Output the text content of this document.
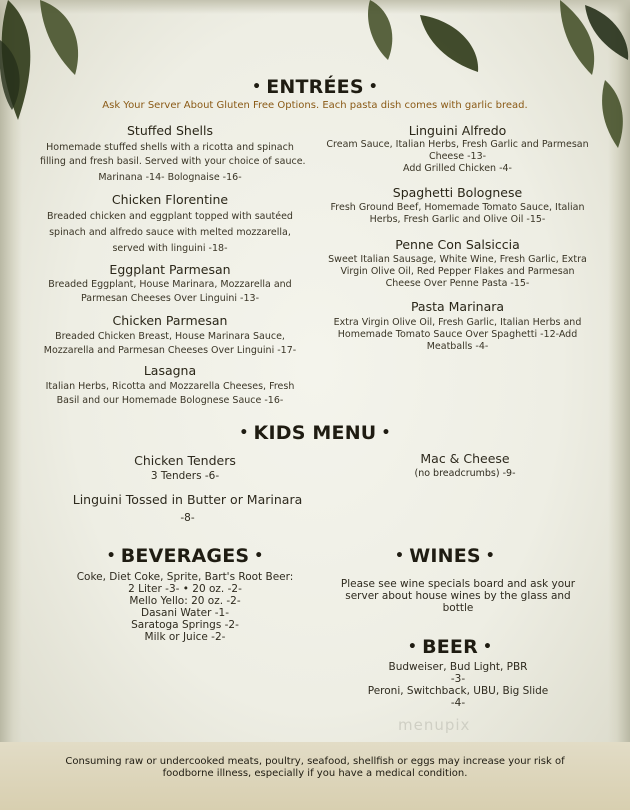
• ENTRÉES •
Ask Your Server About Gluten Free Options. Each pasta dish comes with garlic bread.
Stuffed Shells
Homemade stuffed shells with a ricotta and spinach
filling and fresh basil. Served with your choice of sauce.
Marinana -14- Bolognaise -16-
Chicken Florentine
Breaded chicken and eggplant topped with sautéed
spinach and alfredo sauce with melted mozzarella,
served with linguini -18-
Eggplant Parmesan
Breaded Eggplant, House Marinara, Mozzarella and
Parmesan Cheeses Over Linguini -13-
Chicken Parmesan
Breaded Chicken Breast, House Marinara Sauce,
Mozzarella and Parmesan Cheeses Over Linguini -17-
Lasagna
Italian Herbs, Ricotta and Mozzarella Cheeses, Fresh
Basil and our Homemade Bolognese Sauce -16-
Linguini Alfredo
Cream Sauce, Italian Herbs, Fresh Garlic and Parmesan
Cheese -13-
Add Grilled Chicken -4-
Spaghetti Bolognese
Fresh Ground Beef, Homemade Tomato Sauce, Italian
Herbs, Fresh Garlic and Olive Oil -15-
Penne Con Salsiccia
Sweet Italian Sausage, White Wine, Fresh Garlic, Extra
Virgin Olive Oil, Red Pepper Flakes and Parmesan
Cheese Over Penne Pasta -15-
Pasta Marinara
Extra Virgin Olive Oil, Fresh Garlic, Italian Herbs and
Homemade Tomato Sauce Over Spaghetti -12-Add
Meatballs -4-
• KIDS MENU •
Chicken Tenders
3 Tenders -6-
Mac & Cheese
(no breadcrumbs) -9-
Linguini Tossed in Butter or Marinara
-8-
• BEVERAGES •
Coke, Diet Coke, Sprite, Bart's Root Beer:
2 Liter -3- • 20 oz. -2-
Mello Yello: 20 oz. -2-
Dasani Water -1-
Saratoga Springs -2-
Milk or Juice -2-
• WINES •
Please see wine specials board and ask your
server about house wines by the glass and
bottle
• BEER •
Budweiser, Bud Light, PBR
-3-
Peroni, Switchback, UBU, Big Slide
-4-
menupix
Consuming raw or undercooked meats, poultry, seafood, shellfish or eggs may increase your risk of
foodborne illness, especially if you have a medical condition.
